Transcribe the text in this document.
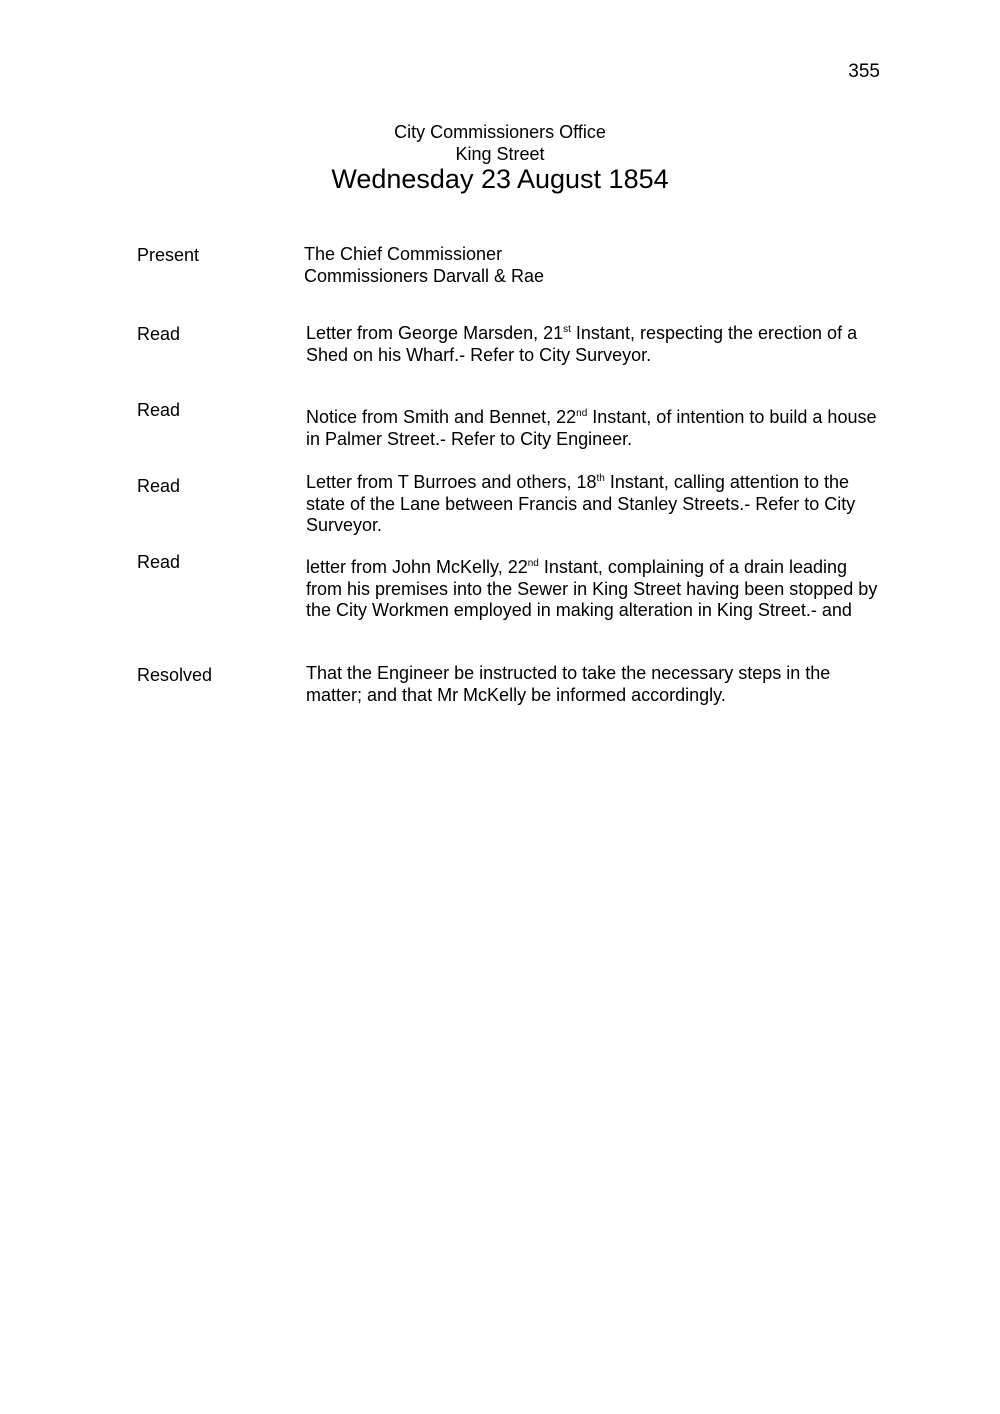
355
City Commissioners Office
King Street
Wednesday 23 August 1854
Present	The Chief Commissioner
Commissioners Darvall & Rae
Read	Letter from George Marsden, 21st Instant, respecting the erection of a Shed on his Wharf.- Refer to City Surveyor.
Read	Notice from Smith and Bennet, 22nd Instant, of intention to build a house in Palmer Street.- Refer to City Engineer.
Read	Letter from T Burroes and others, 18th Instant, calling attention to the state of the Lane between Francis and Stanley Streets.- Refer to City Surveyor.
Read	letter from John McKelly, 22nd Instant, complaining of a drain leading from his premises into the Sewer in King Street having been stopped by the City Workmen employed in making alteration in King Street.- and
Resolved	That the Engineer be instructed to take the necessary steps in the matter; and that Mr McKelly be informed accordingly.
